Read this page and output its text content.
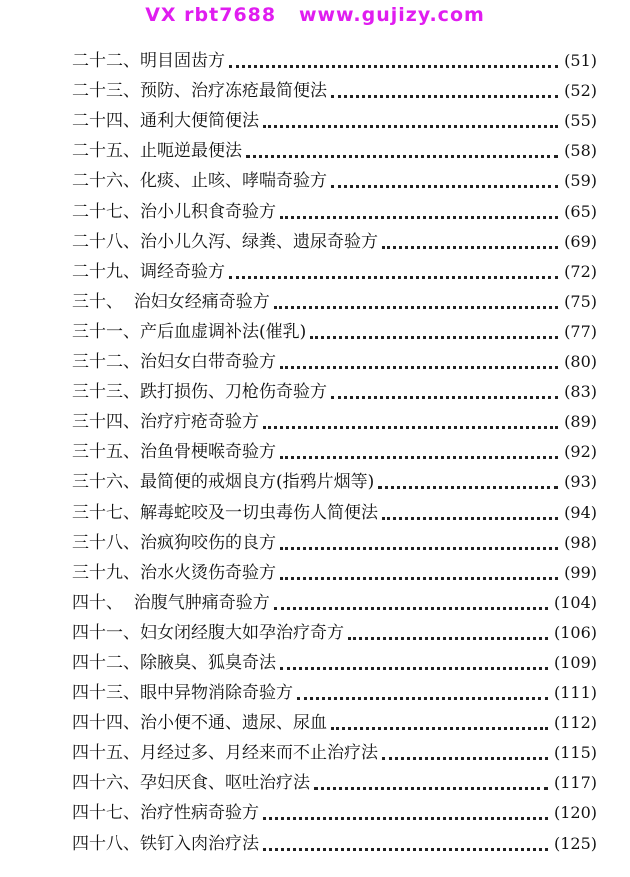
VX rbt7688   www.gujizy.com
二十二、明目固齿方	(51)
二十三、预防、治疗冻疮最简便法	(52)
二十四、通利大便简便法	(55)
二十五、止呃逆最便法	(58)
二十六、化痰、止咳、哮喘奇验方	(59)
二十七、治小儿积食奇验方	(65)
二十八、治小儿久泻、绿粪、遗尿奇验方	(69)
二十九、调经奇验方	(72)
三十、  治妇女经痛奇验方	(75)
三十一、产后血虚调补法(催乳)	(77)
三十二、治妇女白带奇验方	(80)
三十三、跌打损伤、刀枪伤奇验方	(83)
三十四、治疗疔疮奇验方	(89)
三十五、治鱼骨梗喉奇验方	(92)
三十六、最简便的戒烟良方(指鸦片烟等)	(93)
三十七、解毒蛇咬及一切虫毒伤人简便法	(94)
三十八、治疯狗咬伤的良方	(98)
三十九、治水火烫伤奇验方	(99)
四十、  治腹气肿痛奇验方	(104)
四十一、妇女闭经腹大如孕治疗奇方	(106)
四十二、除腋臭、狐臭奇法	(109)
四十三、眼中异物消除奇验方	(111)
四十四、治小便不通、遗尿、尿血	(112)
四十五、月经过多、月经来而不止治疗法	(115)
四十六、孕妇厌食、呕吐治疗法	(117)
四十七、治疗性病奇验方	(120)
四十八、铁钉入肉治疗法	(125)
